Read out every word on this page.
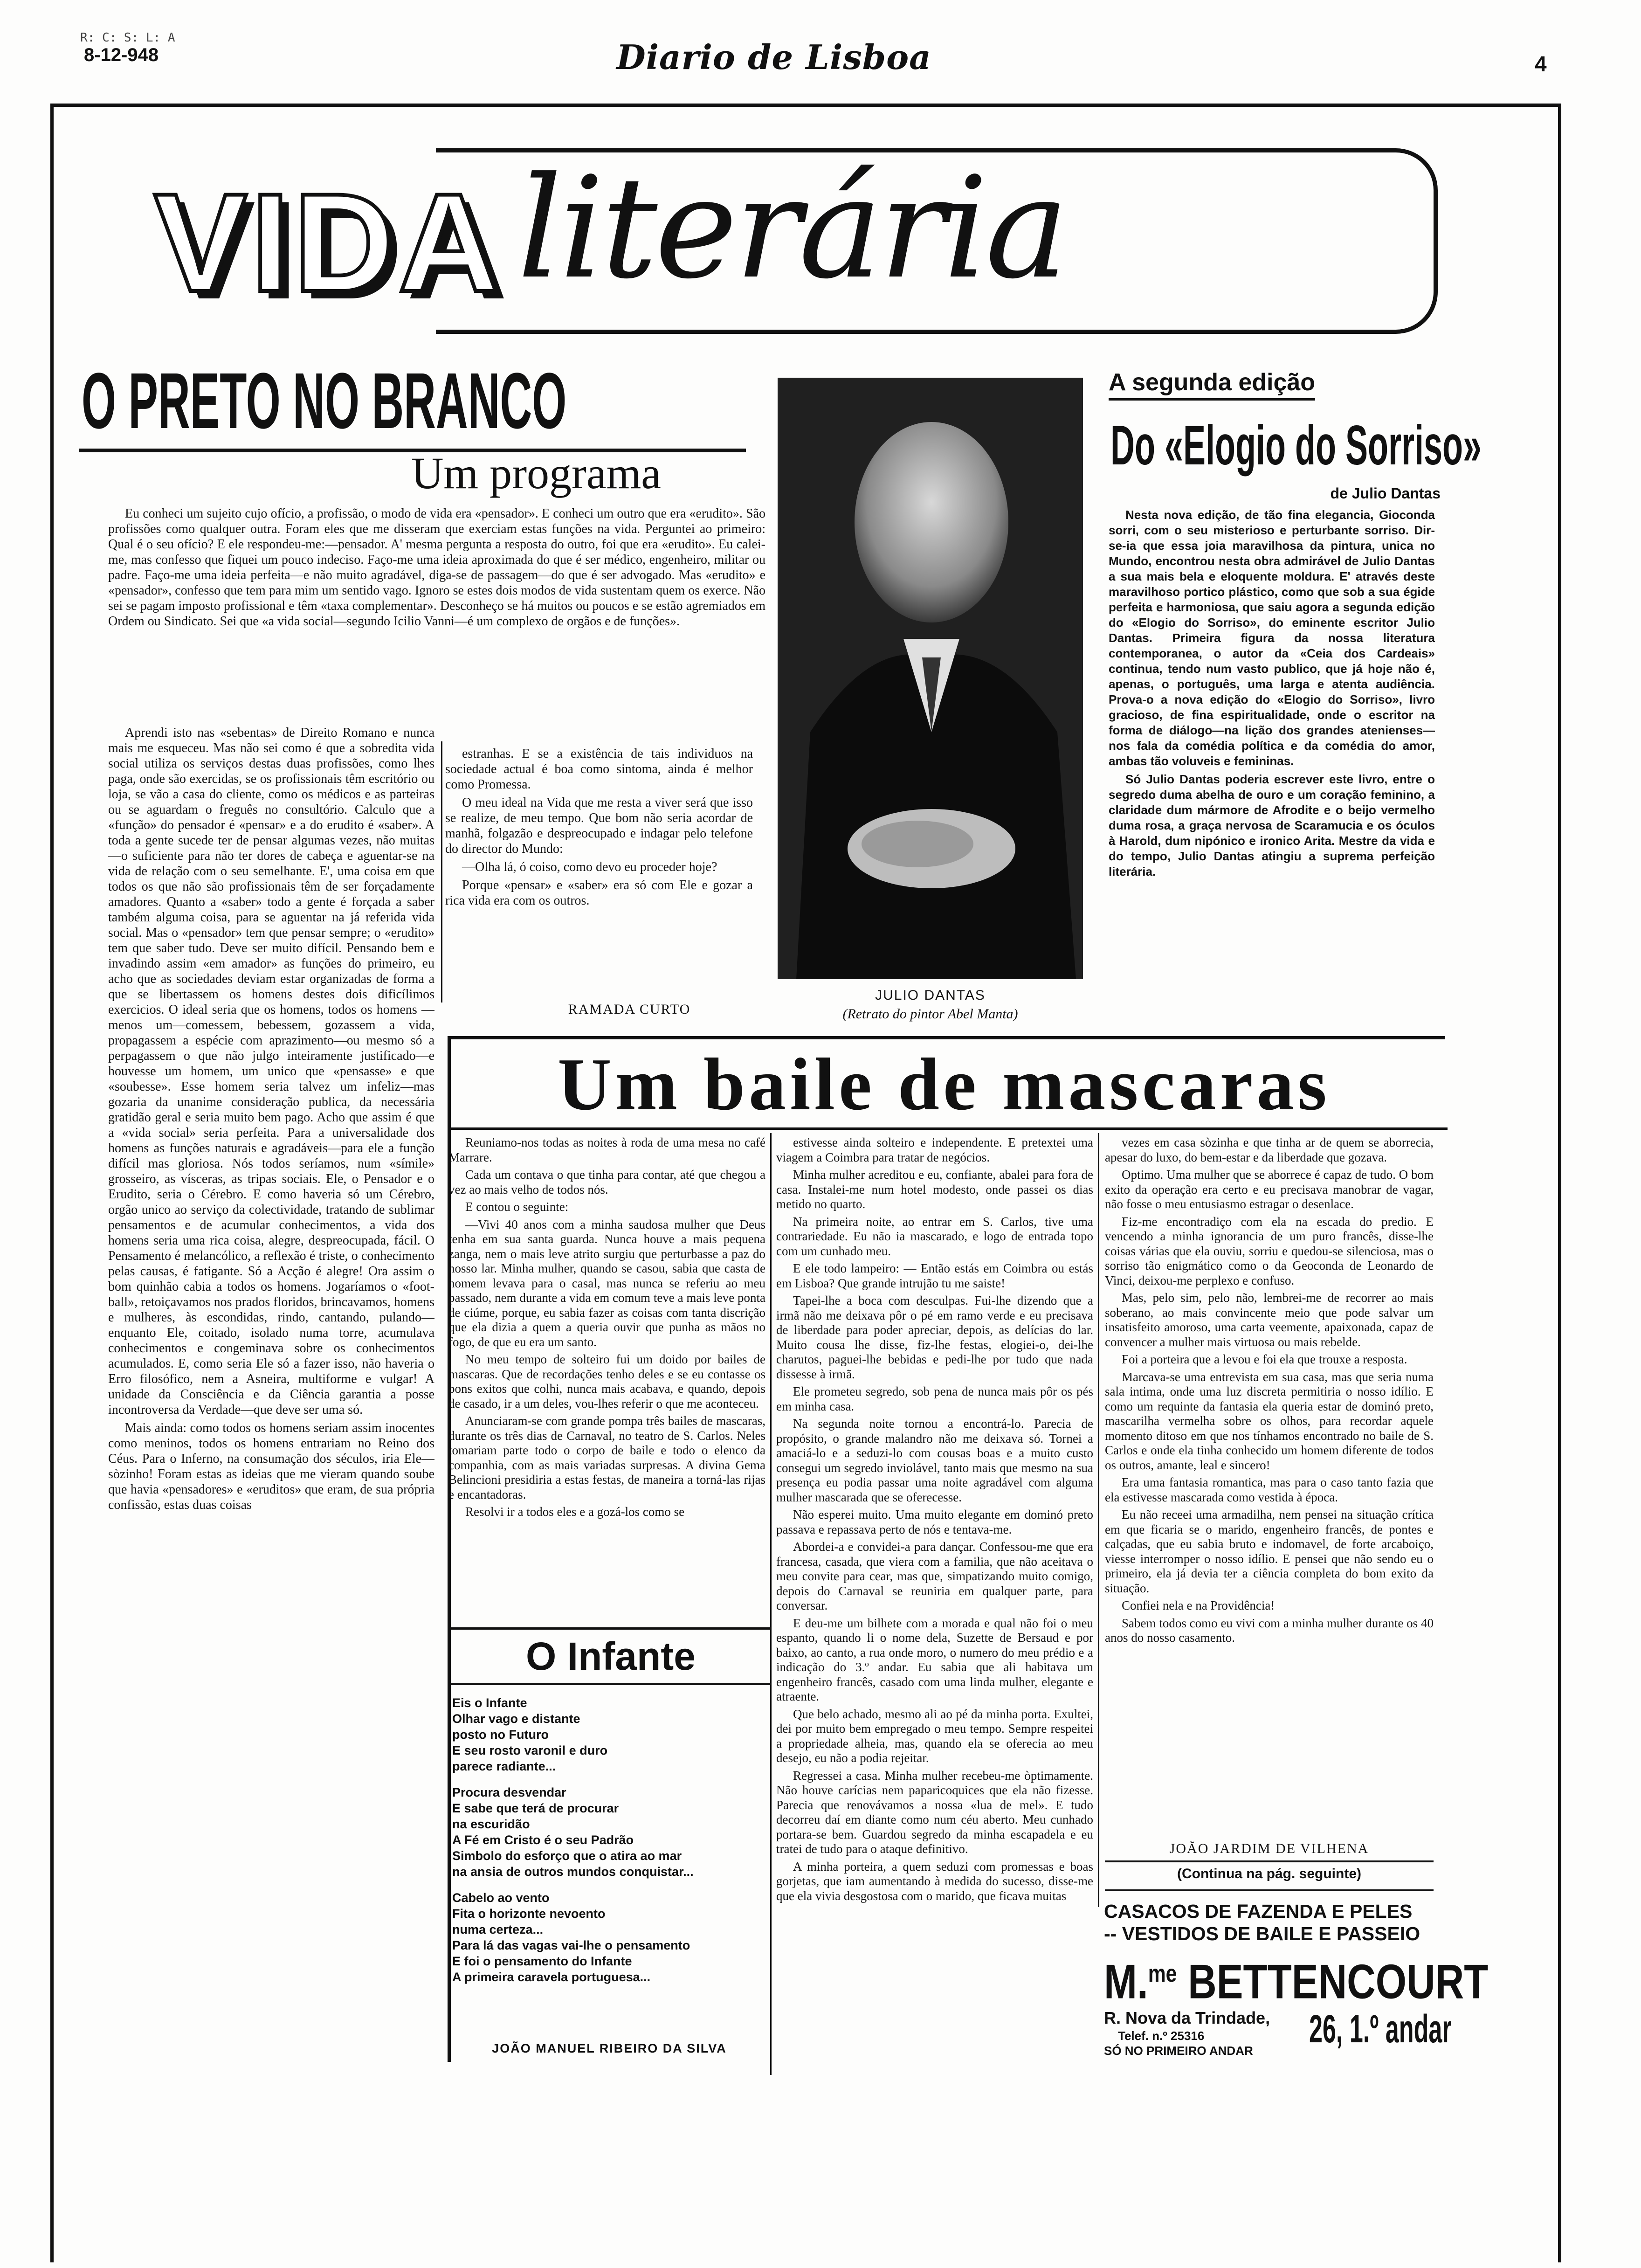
R: C: S: L: A
8-12-948	Diario de Lisboa	4
VIDA literária
O PRETO NO BRANCO
Um programa

Eu conheci um sujeito cujo ofício, a profissão, o modo de vida era «pensador». E conheci um outro que era «erudito». São profissões como qualquer outra. Foram eles que me disseram que exerciam estas funções na vida. Perguntei ao primeiro: Qual é o seu ofício? E ele respondeu-me:—pensador. A' mesma pergunta a resposta do outro, foi que era «erudito». Eu calei-me, mas confesso que fiquei um pouco indeciso. Faço-me uma ideia aproximada do que é ser médico, engenheiro, militar ou padre. Faço-me uma ideia perfeita—e não muito agradável, diga-se de passagem—do que é ser advogado. Mas «erudito» e «pensador», confesso que tem para mim um sentido vago. Ignoro se estes dois modos de vida sustentam quem os exerce. Não sei se pagam imposto profissional e têm «taxa complementar». Desconheço se há muitos ou poucos e se estão agremiados em Ordem ou Sindicato. Sei que «a vida social—segundo Icilio Vanni—é um complexo de orgãos e de funções».

Aprendi isto nas «sebentas» de Direito Romano e nunca mais me esqueceu. Mas não sei como é que a sobredita vida social utiliza os serviços destas duas profissões, como lhes paga, onde são exercidas, se os profissionais têm escritório ou loja, se vão a casa do cliente, como os médicos e as parteiras ou se aguardam o freguês no consultório. Calculo que a «função» do pensador é «pensar» e a do erudito é «saber». A toda a gente sucede ter de pensar algumas vezes, não muitas —o suficiente para não ter dores de cabeça e aguentar-se na vida de relação com o seu semelhante. E', uma coisa em que todos os que não são profissionais têm de ser forçadamente amadores. Quanto a «saber» todo a gente é forçada a saber também alguma coisa, para se aguentar na já referida vida social. Mas o «pensador» tem que pensar sempre; o «erudito» tem que saber tudo. Deve ser muito difícil. Pensando bem e invadindo assim «em amador» as funções do primeiro, eu acho que as sociedades deviam estar organizadas de forma a que se libertassem os homens destes dois dificílimos exercicios. O ideal seria que os homens, todos os homens —menos um—comessem, bebessem, gozassem a vida, propagassem a espécie com aprazimento—ou mesmo só a perpagassem o que não julgo inteiramente justificado—e houvesse um homem, um unico que «pensasse» e que «soubesse». Esse homem seria talvez um infeliz—mas gozaria da unanime consideração publica, da necessária gratidão geral e seria muito bem pago. Acho que assim é que a «vida social» seria perfeita. Para a universalidade dos homens as funções naturais e agradáveis—para ele a função difícil mas gloriosa. Nós todos seríamos, num «símile» grosseiro, as vísceras, as tripas sociais. Ele, o Pensador e o Erudito, seria o Cérebro. E como haveria só um Cérebro, orgão unico ao serviço da colectividade, tratando de sublimar pensamentos e de acumular conhecimentos, a vida dos homens seria uma rica coisa, alegre, despreocupada, fácil. O Pensamento é melancólico, a reflexão é triste, o conhecimento pelas causas, é fatigante. Só a Acção é alegre! Ora assim o bom quinhão cabia a todos os homens. Jogaríamos o «foot-ball», retoiçavamos nos prados floridos, brincavamos, homens e mulheres, às escondidas, rindo, cantando, pulando—enquanto Ele, coitado, isolado numa torre, acumulava conhecimentos e congeminava sobre os conhecimentos acumulados. E, como seria Ele só a fazer isso, não haveria o Erro filosófico, nem a Asneira, multiforme e vulgar! A unidade da Consciência e da Ciência garantia a posse incontroversa da Verdade—que deve ser uma só.

Mais ainda: como todos os homens seriam assim inocentes como meninos, todos os homens entrariam no Reino dos Céus. Para o Inferno, na consumação dos séculos, iria Ele—sòzinho! Foram estas as ideias que me vieram quando soube que havia «pensadores» e «eruditos» que eram, de sua própria confissão, estas duas coisas

estranhas. E se a existência de tais individuos na sociedade actual é boa como sintoma, ainda é melhor como Promessa.

O meu ideal na Vida que me resta a viver será que isso se realize, de meu tempo. Que bom não seria acordar de manhã, folgazão e despreocupado e indagar pelo telefone do director do Mundo:

—Olha lá, ó coiso, como devo eu proceder hoje?

Porque «pensar» e «saber» era só com Ele e gozar a rica vida era com os outros.

RAMADA CURTO
JULIO DANTAS
(Retrato do pintor Abel Manta)
A segunda edição
Do «Elogio do Sorriso»
de Julio Dantas

Nesta nova edição, de tão fina elegancia, Gioconda sorri, com o seu misterioso e perturbante sorriso. Dir-se-ia que essa joia maravilhosa da pintura, unica no Mundo, encontrou nesta obra admirável de Julio Dantas a sua mais bela e eloquente moldura. E' através deste maravilhoso portico plástico, como que sob a sua égide perfeita e harmoniosa, que saiu agora a segunda edição do «Elogio do Sorriso», do eminente escritor Julio Dantas. Primeira figura da nossa literatura contemporanea, o autor da «Ceia dos Cardeais» continua, tendo num vasto publico, que já hoje não é, apenas, o português, uma larga e atenta audiência. Prova-o a nova edição do «Elogio do Sorriso», livro gracioso, de fina espiritualidade, onde o escritor na forma de diálogo—na lição dos grandes atenienses—nos fala da comédia política e da comédia do amor, ambas tão voluveis e femininas.

Só Julio Dantas poderia escrever este livro, entre o segredo duma abelha de ouro e um coração feminino, a claridade dum mármore de Afrodite e o beijo vermelho duma rosa, a graça nervosa de Scaramucia e os óculos à Harold, dum nipónico e ironico Arita. Mestre da vida e do tempo, Julio Dantas atingiu a suprema perfeição literária.

Um baile de mascaras

Reuniamo-nos todas as noites à roda de uma mesa no café Marrare.

Cada um contava o que tinha para contar, até que chegou a vez ao mais velho de todos nós.

E contou o seguinte:

—Vivi 40 anos com a minha saudosa mulher que Deus tenha em sua santa guarda. Nunca houve a mais pequena zanga, nem o mais leve atrito surgiu que perturbasse a paz do nosso lar. Minha mulher, quando se casou, sabia que casta de homem levava para o casal, mas nunca se referiu ao meu passado, nem durante a vida em comum teve a mais leve ponta de ciúme, porque, eu sabia fazer as coisas com tanta discrição que ela dizia a quem a queria ouvir que punha as mãos no fogo, de que eu era um santo.

No meu tempo de solteiro fui um doido por bailes de mascaras. Que de recordações tenho deles e se eu contasse os bons exitos que colhi, nunca mais acabava, e quando, depois de casado, ir a um deles, vou-lhes referir o que me aconteceu.

Anunciaram-se com grande pompa três bailes de mascaras, durante os três dias de Carnaval, no teatro de S. Carlos. Neles tomariam parte todo o corpo de baile e todo o elenco da companhia, com as mais variadas surpresas. A divina Gema Belincioni presidiria a estas festas, de maneira a torná-las rijas e encantadoras.

Resolvi ir a todos eles e a gozá-los como se

estivesse ainda solteiro e independente. E pretextei uma viagem a Coimbra para tratar de negócios.

Minha mulher acreditou e eu, confiante, abalei para fora de casa. Instalei-me num hotel modesto, onde passei os dias metido no quarto.

Na primeira noite, ao entrar em S. Carlos, tive uma contrariedade. Eu não ia mascarado, e logo de entrada topo com um cunhado meu.

E ele todo lampeiro: — Então estás em Coimbra ou estás em Lisboa? Que grande intrujão tu me saiste!

Tapei-lhe a boca com desculpas. Fui-lhe dizendo que a irmã não me deixava pôr o pé em ramo verde e eu precisava de liberdade para poder apreciar, depois, as delícias do lar. Muito cousa lhe disse, fiz-lhe festas, elogiei-o, dei-lhe charutos, paguei-lhe bebidas e pedi-lhe por tudo que nada dissesse à irmã.

Ele prometeu segredo, sob pena de nunca mais pôr os pés em minha casa.

Na segunda noite tornou a encontrá-lo. Parecia de propósito, o grande malandro não me deixava só. Tornei a amaciá-lo e a seduzi-lo com cousas boas e a muito custo consegui um segredo inviolável, tanto mais que mesmo na sua presença eu podia passar uma noite agradável com alguma mulher mascarada que se oferecesse.

Não esperei muito. Uma muito elegante em dominó preto passava e repassava perto de nós e tentava-me.

Abordei-a e convidei-a para dançar. Confessou-me que era francesa, casada, que viera com a familia, que não aceitava o meu convite para cear, mas que, simpatizando muito comigo, depois do Carnaval se reuniria em qualquer parte, para conversar.

E deu-me um bilhete com a morada e qual não foi o meu espanto, quando li o nome dela, Suzette de Bersaud e por baixo, ao canto, a rua onde moro, o numero do meu prédio e a indicação do 3.º andar. Eu sabia que ali habitava um engenheiro francês, casado com uma linda mulher, elegante e atraente.

Que belo achado, mesmo ali ao pé da minha porta. Exultei, dei por muito bem empregado o meu tempo. Sempre respeitei a propriedade alheia, mas, quando ela se oferecia ao meu desejo, eu não a podia rejeitar.

Regressei a casa. Minha mulher recebeu-me òptimamente. Não houve carícias nem paparicoquices que ela não fizesse. Parecia que renovávamos a nossa «lua de mel». E tudo decorreu daí em diante como num céu aberto. Meu cunhado portara-se bem. Guardou segredo da minha escapadela e eu tratei de tudo para o ataque definitivo.

A minha porteira, a quem seduzi com promessas e boas gorjetas, que iam aumentando à medida do sucesso, disse-me que ela vivia desgostosa com o marido, que ficava muitas

vezes em casa sòzinha e que tinha ar de quem se aborrecia, apesar do luxo, do bem-estar e da liberdade que gozava.

Optimo. Uma mulher que se aborrece é capaz de tudo. O bom exito da operação era certo e eu precisava manobrar de vagar, não fosse o meu entusiasmo estragar o desenlace.

Fiz-me encontradiço com ela na escada do predio. E vencendo a minha ignorancia de um puro francês, disse-lhe coisas várias que ela ouviu, sorriu e quedou-se silenciosa, mas o sorriso tão enigmático como o da Geoconda de Leonardo de Vinci, deixou-me perplexo e confuso.

Mas, pelo sim, pelo não, lembrei-me de recorrer ao mais soberano, ao mais convincente meio que pode salvar um insatisfeito amoroso, uma carta veemente, apaixonada, capaz de convencer a mulher mais virtuosa ou mais rebelde.

Foi a porteira que a levou e foi ela que trouxe a resposta.

Marcava-se uma entrevista em sua casa, mas que seria numa sala intima, onde uma luz discreta permitiria o nosso idílio. E como um requinte da fantasia ela queria estar de dominó preto, mascarilha vermelha sobre os olhos, para recordar aquele momento ditoso em que nos tínhamos encontrado no baile de S. Carlos e onde ela tinha conhecido um homem diferente de todos os outros, amante, leal e sincero!

Era uma fantasia romantica, mas para o caso tanto fazia que ela estivesse mascarada como vestida à época.

Eu não receei uma armadilha, nem pensei na situação crítica em que ficaria se o marido, engenheiro francês, de pontes e calçadas, que eu sabia bruto e indomavel, de forte arcaboiço, viesse interromper o nosso idílio. E pensei que não sendo eu o primeiro, ela já devia ter a ciência completa do bom exito da situação.

Confiei nela e na Providência!

Sabem todos como eu vivi com a minha mulher durante os 40 anos do nosso casamento.

JOÃO JARDIM DE VILHENA
(Continua na pág. seguinte)
O Infante
Eis o Infante
Olhar vago e distante
posto no Futuro
E seu rosto varonil e duro
parece radiante...
Procura desvendar
E sabe que terá de procurar
na escuridão
A Fé em Cristo é o seu Padrão
Simbolo do esforço que o atira ao mar
na ansia de outros mundos conquistar...
Cabelo ao vento
Fita o horizonte nevoento
numa certeza...
Para lá das vagas vai-lhe o pensamento
E foi o pensamento do Infante
A primeira caravela portuguesa...
JOÃO MANUEL RIBEIRO DA SILVA
CASACOS DE FAZENDA E PELES
-- VESTIDOS DE BAILE E PASSEIO
M.$^{me}$ BETTENCOURT
R. Nova da Trindade,
Telef. n.º 25316
SÓ NO PRIMEIRO ANDAR 26, 1.º andar
